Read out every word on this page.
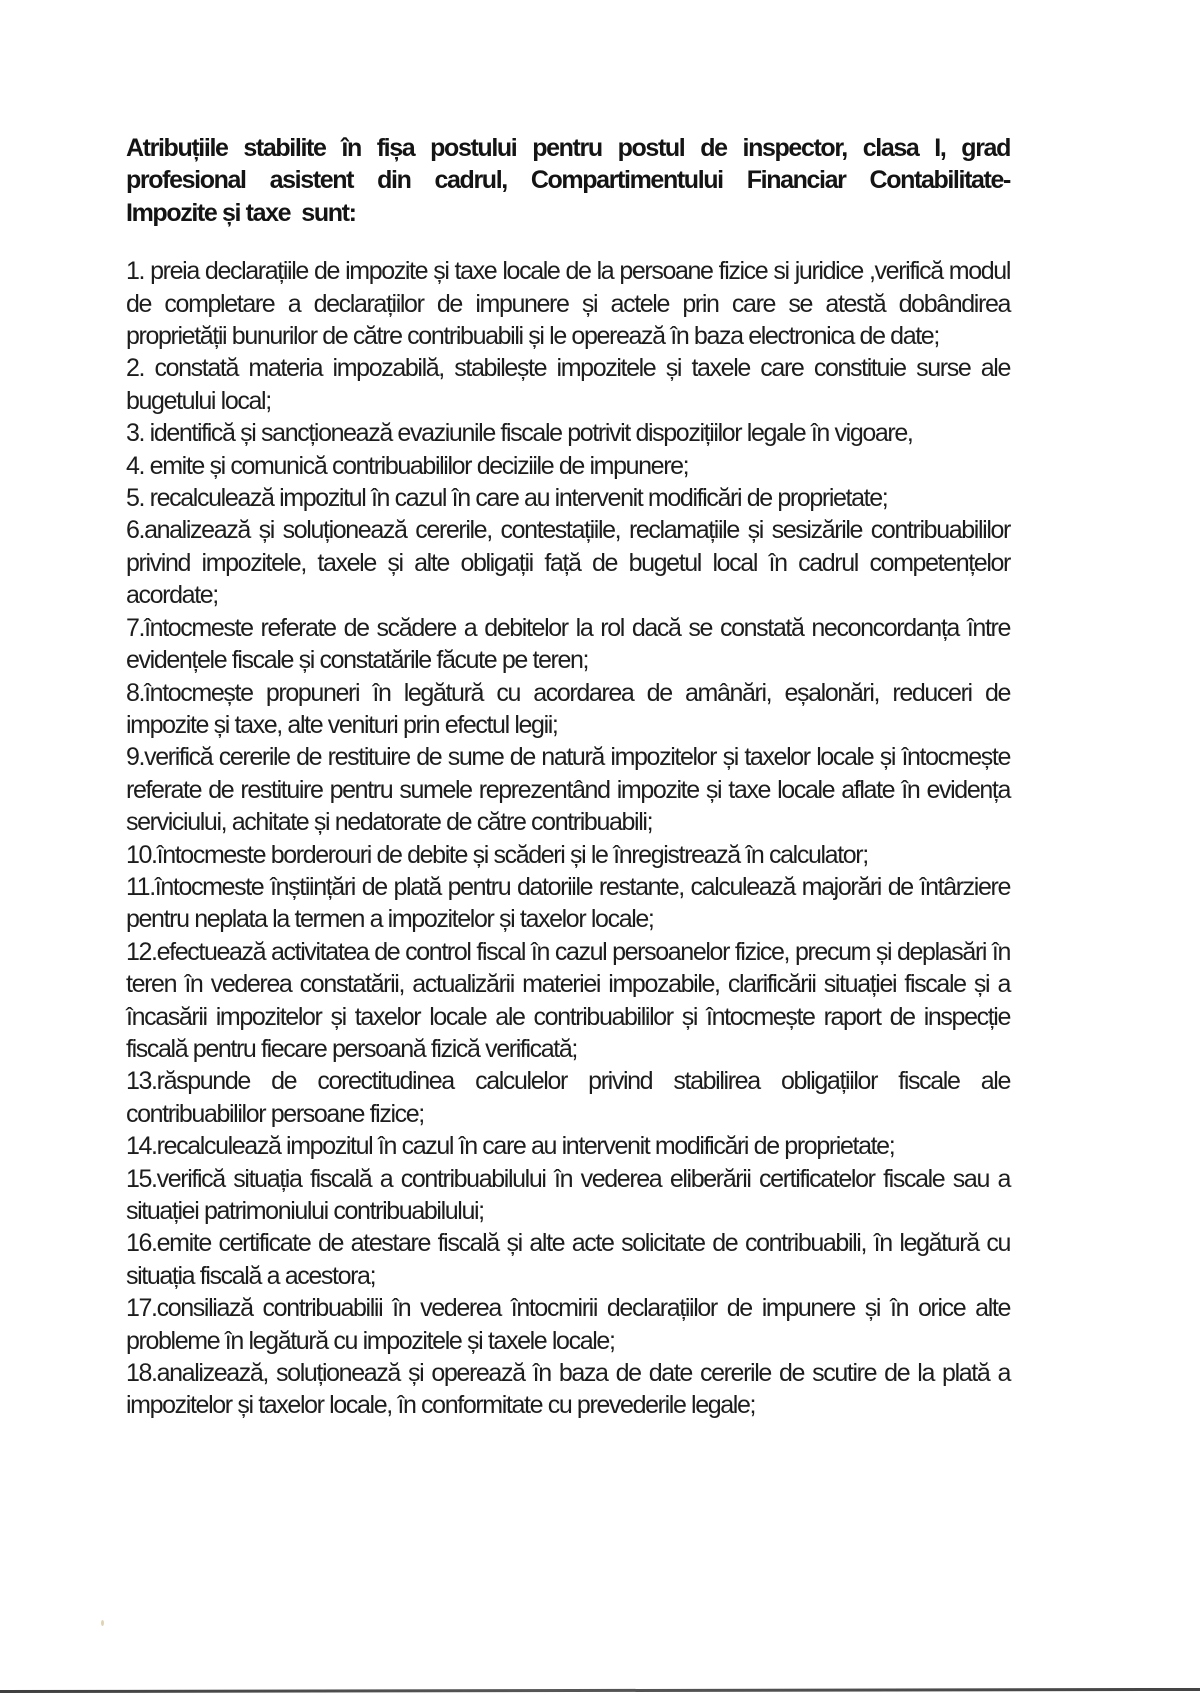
Atribuțiile stabilite în fișa postului pentru postul de inspector, clasa I, grad
profesional asistent din cadrul, Compartimentului Financiar Contabilitate-
Impozite și taxe  sunt:

1. preia declarațiile de impozite și taxe locale de la persoane fizice si juridice ,verifică modul de completare a declarațiilor de impunere și actele prin care se atestă dobândirea proprietății bunurilor de către contribuabili și le operează în baza electronica de date;

2. constată materia impozabilă, stabilește impozitele și taxele care constituie surse ale bugetului local;

3. identifică și sancționează evaziunile fiscale potrivit dispozițiilor legale în vigoare,

4. emite și comunică contribuabililor deciziile de impunere;

5. recalculează impozitul în cazul în care au intervenit modificări de proprietate;

6.analizează și soluționează cererile, contestațiile, reclamațiile și sesizările contribuabililor privind impozitele, taxele și alte obligații față de bugetul local în cadrul competențelor acordate;

7.întocmeste referate de scădere a debitelor la rol dacă se constată neconcordanța între evidențele fiscale și constatările făcute pe teren;

8.întocmește propuneri în legătură cu acordarea de amânări, eșalonări, reduceri de impozite și taxe, alte venituri prin efectul legii;

9.verifică cererile de restituire de sume de natură impozitelor și taxelor locale și întocmește referate de restituire pentru sumele reprezentând impozite și taxe locale aflate în evidența serviciului, achitate și nedatorate de către contribuabili;

10.întocmeste borderouri de debite și scăderi și le înregistrează în calculator;

11.întocmeste înștiințări de plată pentru datoriile restante, calculează majorări de întârziere pentru neplata la termen a impozitelor și taxelor locale;

12.efectuează activitatea de control fiscal în cazul persoanelor fizice, precum și deplasări în teren în vederea constatării, actualizării materiei impozabile, clarificării situației fiscale și a încasării impozitelor și taxelor locale ale contribuabililor și întocmește raport de inspecție fiscală pentru fiecare persoană fizică verificată;

13.răspunde de corectitudinea calculelor privind stabilirea obligațiilor fiscale ale contribuabililor persoane fizice;

14.recalculează impozitul în cazul în care au intervenit modificări de proprietate;

15.verifică situația fiscală a contribuabilului în vederea eliberării certificatelor fiscale sau a situației patrimoniului contribuabilului;

16.emite certificate de atestare fiscală și alte acte solicitate de contribuabili, în legătură cu situația fiscală a acestora;

17.consiliază contribuabilii în vederea întocmirii declarațiilor de impunere și în orice alte probleme în legătură cu impozitele și taxele locale;

18.analizează, soluționează și operează în baza de date cererile de scutire de la plată a impozitelor și taxelor locale, în conformitate cu prevederile legale;
